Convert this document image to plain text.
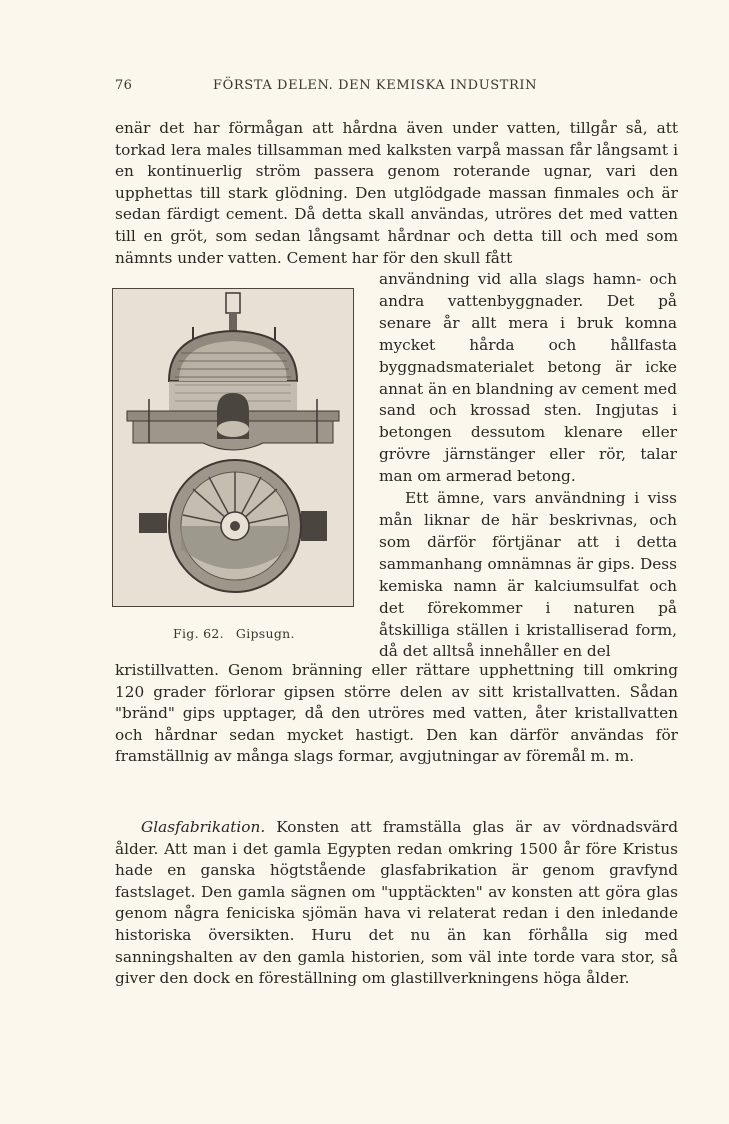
76	FÖRSTA DELEN. DEN KEMISKA INDUSTRIN

enär det har förmågan att hårdna även under vatten, tillgår så, att torkad lera males tillsamman med kalksten varpå massan får långsamt i en kontinuerlig ström passera genom roterande ugnar, vari den upphettas till stark glödning. Den utglödgade massan finmales och är sedan färdigt cement. Då detta skall användas, utröres det med vatten till en gröt, som sedan långsamt hårdnar och detta till och med som nämnts under vatten. Cement har för den skull fått

Fig. 62. Gipsugn.

användning vid alla slags hamn- och andra vattenbyggnader. Det på senare år allt mera i bruk komna mycket hårda och hållfasta byggnadsmaterialet betong är icke annat än en blandning av cement med sand och krossad sten. Ingjutas i betongen dessutom klenare eller grövre järnstänger eller rör, talar man om armerad betong.

Ett ämne, vars användning i viss mån liknar de här beskrivnas, och som därför förtjänar att i detta sammanhang omnämnas är gips. Dess kemiska namn är kalciumsulfat och det förekommer i naturen på åtskilliga ställen i kristalliserad form, då det alltså innehåller en del

kristillvatten. Genom bränning eller rättare upphettning till omkring 120 grader förlorar gipsen större delen av sitt kristallvatten. Sådan "bränd" gips upptager, då den utröres med vatten, åter kristallvatten och hårdnar sedan mycket hastigt. Den kan därför användas för framställnig av många slags formar, avgjutningar av föremål m. m.

Glasfabrikation. Konsten att framställa glas är av vördnadsvärd ålder. Att man i det gamla Egypten redan omkring 1500 år före Kristus hade en ganska högtstående glasfabrikation är genom gravfynd fastslaget. Den gamla sägnen om "upptäckten" av konsten att göra glas genom några feniciska sjömän hava vi relaterat redan i den inledande historiska översikten. Huru det nu än kan förhålla sig med sanningshalten av den gamla historien, som väl inte torde vara stor, så giver den dock en föreställning om glastillverkningens höga ålder.
